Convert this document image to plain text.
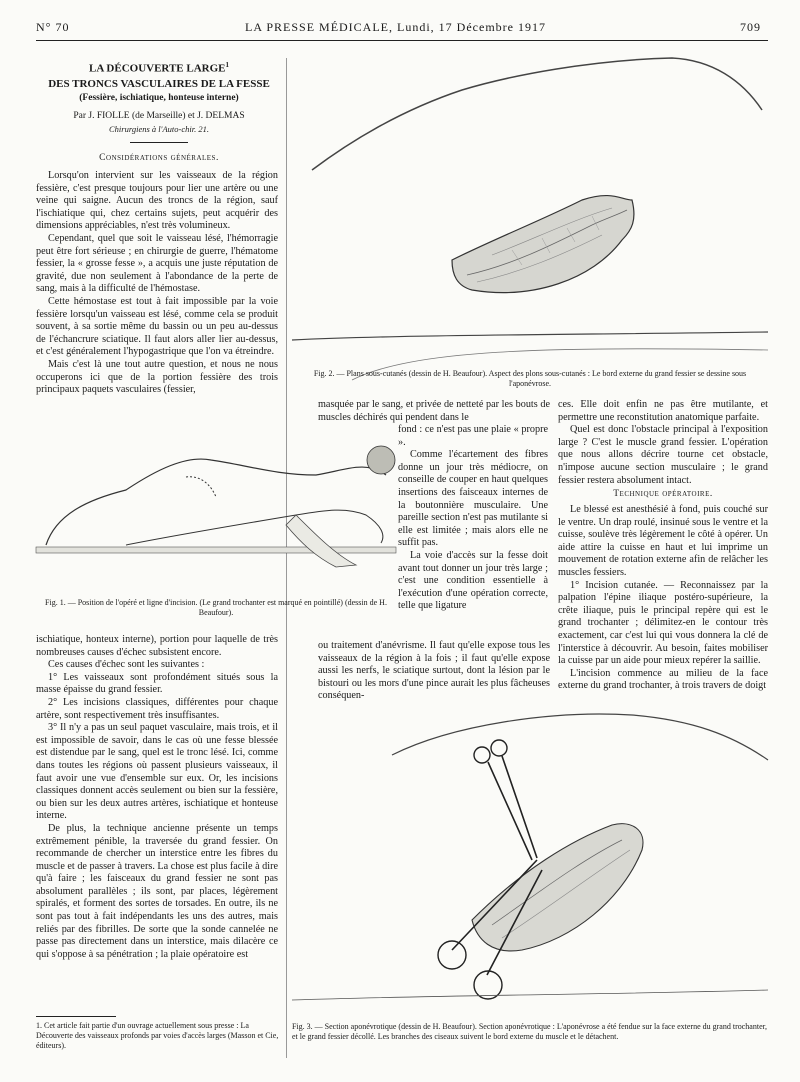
N° 70	LA PRESSE MÉDICALE, Lundi, 17 Décembre 1917	709
LA DÉCOUVERTE LARGE$^1$
DES TRONCS VASCULAIRES DE LA FESSE
(Fessière, ischiatique, honteuse interne)
Par J. FIOLLE (de Marseille) et J. DELMAS
Chirurgiens à l'Auto-chir. 21.
Considérations générales.

Lorsqu'on intervient sur les vaisseaux de la région fessière, c'est presque toujours pour lier une artère ou une veine qui saigne. Aucun des troncs de la région, sauf l'ischiatique qui, chez certains sujets, peut acquérir des dimensions appréciables, n'est très volumineux.

Cependant, quel que soit le vaisseau lésé, l'hémorragie peut être fort sérieuse ; en chirurgie de guerre, l'hématome fessier, la « grosse fesse », a acquis une juste réputation de gravité, due non seulement à l'abondance de la perte de sang, mais à la difficulté de l'hémostase.

Cette hémostase est tout à fait impossible par la voie fessière lorsqu'un vaisseau est lésé, comme cela se produit souvent, à sa sortie même du bassin ou un peu au-dessus de l'échancrure sciatique. Il faut alors aller lier au-dessus, et c'est généralement l'hypogastrique que l'on va étreindre.

Mais c'est là une tout autre question, et nous ne nous occuperons ici que de la portion fessière des trois principaux paquets vasculaires (fessier,

Fig. 2. — Plans sous-cutanés (dessin de H. Beaufour). Aspect des plons sous-cutanés : Le bord externe du grand fessier se dessine sous l'aponévrose.
masquée par le sang, et privée de netteté par les bouts de muscles déchirés qui pendent dans le
Fig. 1. — Position de l'opéré et ligne d'incision. (Le grand trochanter est marqué en pointillé) (dessin de H. Beaufour).

fond : ce n'est pas une plaie « propre ».

Comme l'écartement des fibres donne un jour très médiocre, on conseille de couper en haut quelques insertions des faisceaux internes de la boutonnière musculaire. Une pareille section n'est pas mutilante si elle est limitée ; mais alors elle ne suffit pas.

La voie d'accès sur la fesse doit avant tout donner un jour très large ; c'est une condition essentielle à l'exécution d'une opération correcte, telle que ligature

ces. Elle doit enfin ne pas être mutilante, et permettre une reconstitution anatomique parfaite.

Quel est donc l'obstacle principal à l'exposition large ? C'est le muscle grand fessier. L'opération que nous allons décrire tourne cet obstacle, n'impose aucune section musculaire ; le grand fessier restera absolument intact.

Technique opératoire.

Le blessé est anesthésié à fond, puis couché sur le ventre. Un drap roulé, insinué sous le ventre et la cuisse, soulève très légèrement le côté à opérer. Un aide attire la cuisse en haut et lui imprime un mouvement de rotation externe afin de relâcher les muscles fessiers.

1° Incision cutanée. — Reconnaissez par la palpation l'épine iliaque postéro-supérieure, la crête iliaque, puis le principal repère qui est le grand trochanter ; délimitez-en le contour très exactement, car c'est lui qui vous donnera la clé de l'interstice à découvrir. Au besoin, faites mobiliser la cuisse par un aide pour mieux repérer la saillie.

L'incision commence au milieu de la face externe du grand trochanter, à trois travers de doigt

ou traitement d'anévrisme. Il faut qu'elle expose tous les vaisseaux de la région à la fois ; il faut qu'elle expose aussi les nerfs, le sciatique surtout, dont la lésion par le bistouri ou les mors d'une pince aurait les plus fâcheuses conséquen-

ischiatique, honteux interne), portion pour laquelle de très nombreuses causes d'échec subsistent encore.

Ces causes d'échec sont les suivantes :

1° Les vaisseaux sont profondément situés sous la masse épaisse du grand fessier.

2° Les incisions classiques, différentes pour chaque artère, sont respectivement très insuffisantes.

3° Il n'y a pas un seul paquet vasculaire, mais trois, et il est impossible de savoir, dans le cas où une fesse blessée est distendue par le sang, quel est le tronc lésé. Ici, comme dans toutes les régions où passent plusieurs vaisseaux, il faut avoir une vue d'ensemble sur eux. Or, les incisions classiques donnent accès seulement ou bien sur la fessière, ou bien sur les deux autres artères, ischiatique et honteuse interne.

De plus, la technique ancienne présente un temps extrêmement pénible, la traversée du grand fessier. On recommande de chercher un interstice entre les fibres du muscle et de passer à travers. La chose est plus facile à dire qu'à faire ; les faisceaux du grand fessier ne sont pas absolument parallèles ; ils sont, par places, légèrement spiralés, et forment des sortes de torsades. En outre, ils ne sont pas tout à fait indépendants les uns des autres, mais reliés par des fibrilles. De sorte que la sonde cannelée ne passe pas directement dans un interstice, mais dilacère ce qui s'oppose à sa pénétration ; la plaie opératoire est

1. Cet article fait partie d'un ouvrage actuellement sous presse : La Découverte des vaisseaux profonds par voies d'accès larges (Masson et Cie, éditeurs).
Fig. 3. — Section aponévrotique (dessin de H. Beaufour). Section aponévrotique : L'aponévrose a été fendue sur la face externe du grand trochanter, et le grand fessier décollé. Les branches des ciseaux suivent le bord externe du muscle et le détachent.
